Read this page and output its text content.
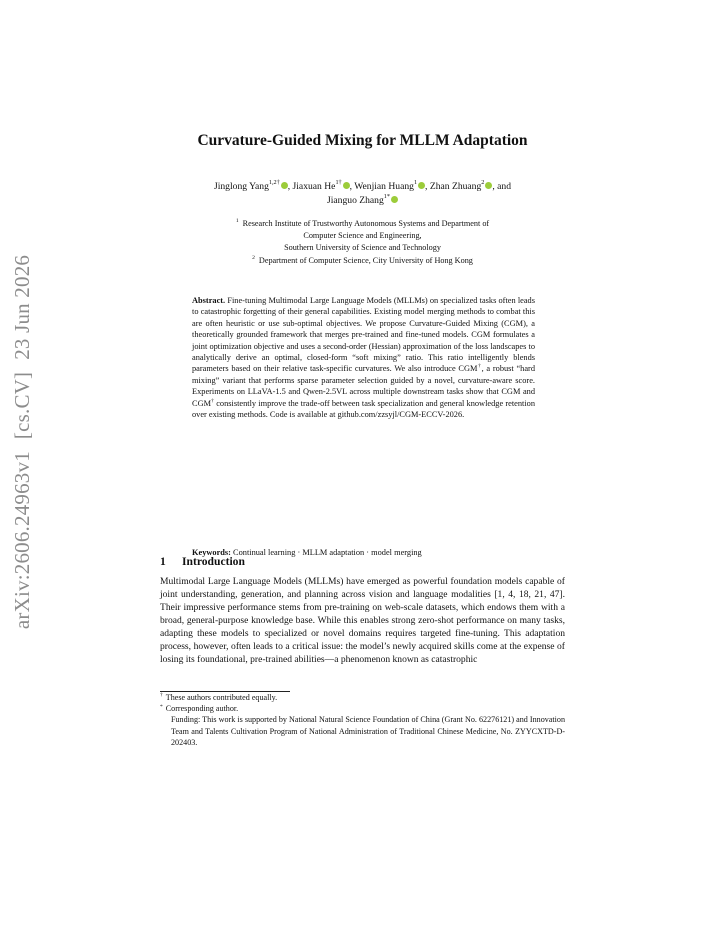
arXiv:2606.24963v1
[cs.CV]
23 Jun 2026
Curvature-Guided Mixing for MLLM Adaptation
Jinglong Yang$^{1,2\dagger}$ , Jiaxuan $He^{1\dagger}$ , Wenjian Huang$^1$ , Zhan Zhuang$^2$ , and
Jianguo Zhang$^{1*}$
$^1$ Research Institute of Trustworthy Autonomous Systems and Department of
Computer Science and Engineering,
Southern University of Science and Technology
$^2$ Department of Computer Science, City University of Hong Kong
Abstract. Fine-tuning Multimodal Large Language Models (MLLMs) on specialized tasks often leads to catastrophic forgetting of their general capabilities. Existing model merging methods to combat this are often heuristic or use sub-optimal objectives. We propose Curvature-Guided Mixing (CGM), a theoretically grounded framework that merges pre-trained and fine-tuned models. CGM formulates a joint optimization objective and uses a second-order (Hessian) approximation of the loss landscapes to analytically derive an optimal, closed-form “soft mixing” ratio. This ratio intelligently blends parameters based on their relative task-specific curvatures. We also introduce CGM†, a robust “hard mixing” variant that performs sparse parameter selection guided by a novel, curvature-aware score. Experiments on LLaVA-1.5 and Qwen-2.5VL across multiple downstream tasks show that CGM and CGM† consistently improve the trade-off between task specialization and general knowledge retention over existing methods. Code is available at github.com/zzsyjl/CGM-ECCV-2026.
Keywords: Continual learning · MLLM adaptation · model merging
1 Introduction
Multimodal Large Language Models (MLLMs) have emerged as powerful foundation models capable of joint understanding, generation, and planning across vision and language modalities [1, 4, 18, 21, 47]. Their impressive performance stems from pre-training on web-scale datasets, which endows them with a broad, general-purpose knowledge base. While this enables strong zero-shot performance on many tasks, adapting these models to specialized or novel domains requires targeted fine-tuning. This adaptation process, however, often leads to a critical issue: the model’s newly acquired skills come at the expense of losing its foundational, pre-trained abilities—a phenomenon known as catastrophic
† These authors contributed equally.
* Corresponding author.
Funding: This work is supported by National Natural Science Foundation of China (Grant No. 62276121) and Innovation Team and Talents Cultivation Program of National Administration of Traditional Chinese Medicine, No. ZYYCXTD-D-202403.
